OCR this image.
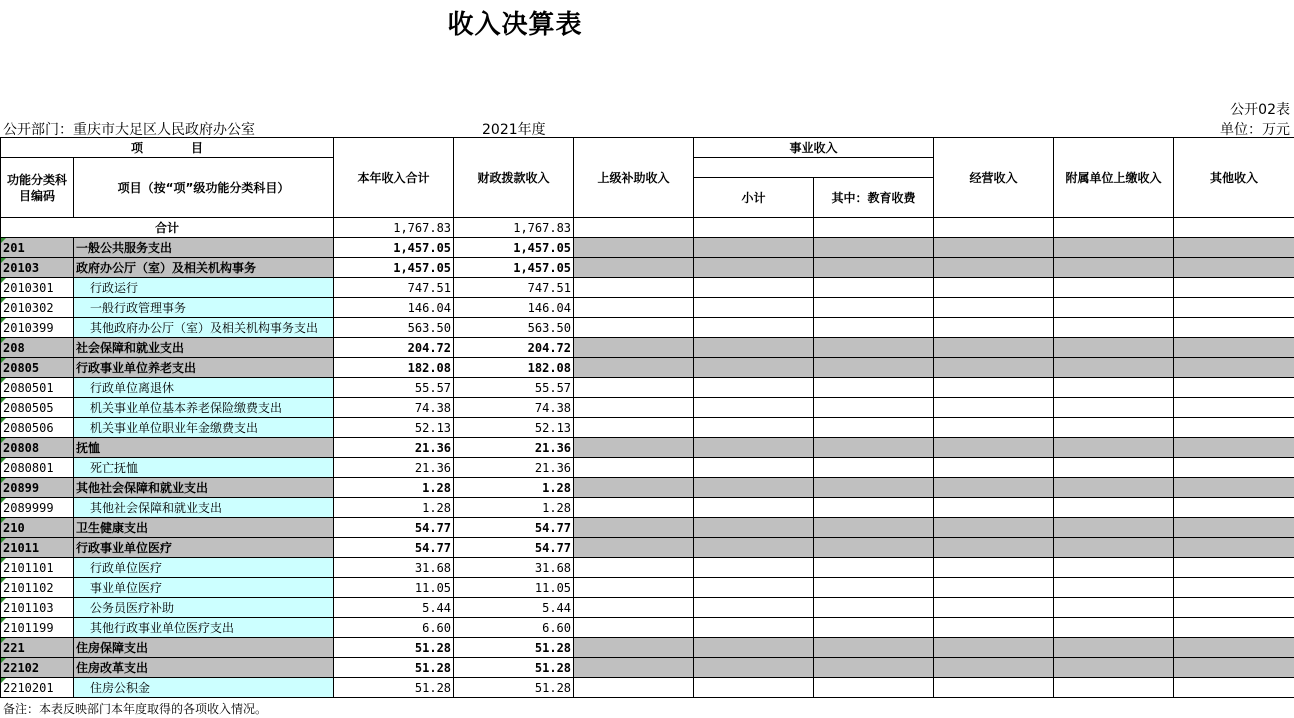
收入决算表
公开部门：重庆市大足区人民政府办公室	2021年度
公开02表
单位：万元
项　　　　目		本年收入合计	财政拨款收入	上级补助收入	事业收入		经营收入	附属单位上缴收入	其他收入
功能分类科目编码	项目（按“项”级功能分类科目）								
					小计	其中：教育收费			
合计		1,767.83	1,767.83						
201	一般公共服务支出	1,457.05	1,457.05						
20103	政府办公厅（室）及相关机构事务	1,457.05	1,457.05						
2010301	行政运行	747.51	747.51						
2010302	一般行政管理事务	146.04	146.04						
2010399	其他政府办公厅（室）及相关机构事务支出	563.50	563.50						
208	社会保障和就业支出	204.72	204.72						
20805	行政事业单位养老支出	182.08	182.08						
2080501	行政单位离退休	55.57	55.57						
2080505	机关事业单位基本养老保险缴费支出	74.38	74.38						
2080506	机关事业单位职业年金缴费支出	52.13	52.13						
20808	抚恤	21.36	21.36						
2080801	死亡抚恤	21.36	21.36						
20899	其他社会保障和就业支出	1.28	1.28						
2089999	其他社会保障和就业支出	1.28	1.28						
210	卫生健康支出	54.77	54.77						
21011	行政事业单位医疗	54.77	54.77						
2101101	行政单位医疗	31.68	31.68						
2101102	事业单位医疗	11.05	11.05						
2101103	公务员医疗补助	5.44	5.44						
2101199	其他行政事业单位医疗支出	6.60	6.60						
221	住房保障支出	51.28	51.28						
22102	住房改革支出	51.28	51.28						
2210201	住房公积金	51.28	51.28						
备注：本表反映部门本年度取得的各项收入情况。
